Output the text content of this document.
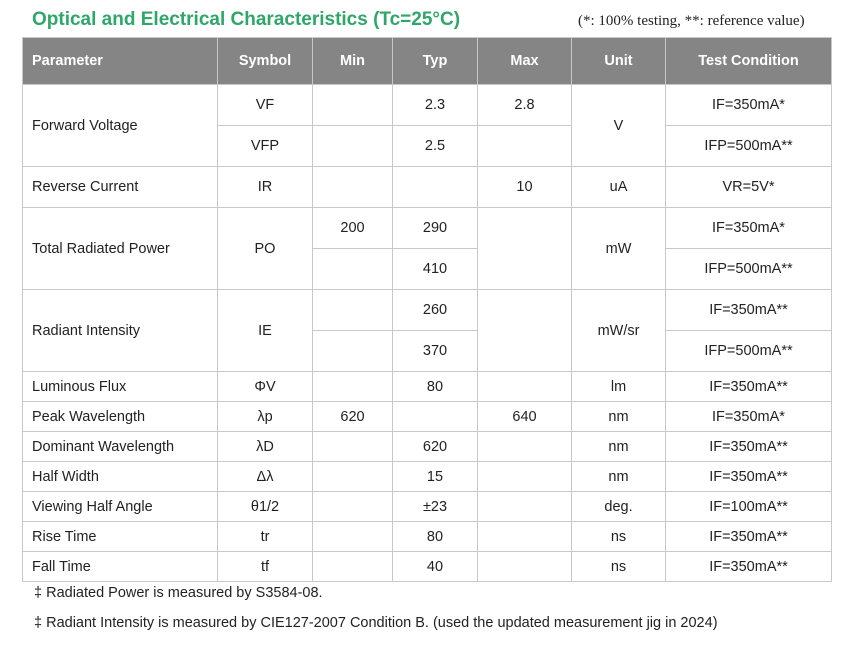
Optical and Electrical Characteristics (Tc=25°C)	(*: 100% testing, **: reference value)
Parameter	Symbol	Min	Typ	Max	Unit	Test Condition
Forward Voltage	VF		2.3	2.8	V	IF=350mA*
	VFP		2.5			IFP=500mA**
Reverse Current	IR			10	uA	VR=5V*
Total Radiated Power	PO	200	290		mW	IF=350mA*
			410			IFP=500mA**
Radiant Intensity	IE		260		mW/sr	IF=350mA**
			370			IFP=500mA**
Luminous Flux	ΦV		80		lm	IF=350mA**
Peak Wavelength	λp	620		640	nm	IF=350mA*
Dominant Wavelength	λD		620		nm	IF=350mA**
Half Width	Δλ		15		nm	IF=350mA**
Viewing Half Angle	θ1/2		±23		deg.	IF=100mA**
Rise Time	tr		80		ns	IF=350mA**
Fall Time	tf		40		ns	IF=350mA**
‡ Radiated Power is measured by S3584-08.
‡ Radiant Intensity is measured by CIE127-2007 Condition B. (used the updated measurement jig in 2024)
